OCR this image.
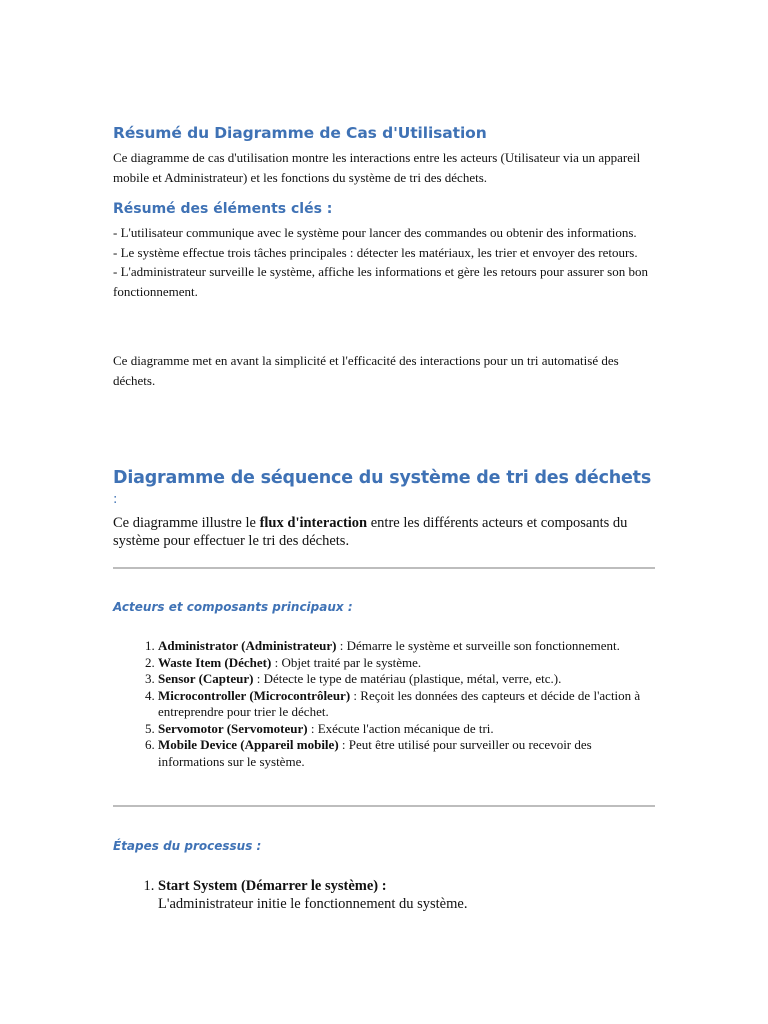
Résumé du Diagramme de Cas d'Utilisation

Ce diagramme de cas d'utilisation montre les interactions entre les acteurs (Utilisateur via un appareil mobile et Administrateur) et les fonctions du système de tri des déchets.

Résumé des éléments clés :

- L'utilisateur communique avec le système pour lancer des commandes ou obtenir des informations.

- Le système effectue trois tâches principales : détecter les matériaux, les trier et envoyer des retours.

- L'administrateur surveille le système, affiche les informations et gère les retours pour assurer son bon fonctionnement.

Ce diagramme met en avant la simplicité et l'efficacité des interactions pour un tri automatisé des déchets.

Diagramme de séquence du système de tri des déchets :

Ce diagramme illustre le flux d'interaction entre les différents acteurs et composants du système pour effectuer le tri des déchets.

Acteurs et composants principaux :
1. Administrator (Administrateur) : Démarre le système et surveille son fonctionnement.
2. Waste Item (Déchet) : Objet traité par le système.
3. Sensor (Capteur) : Détecte le type de matériau (plastique, métal, verre, etc.).
4. Microcontroller (Microcontrôleur) : Reçoit les données des capteurs et décide de l'action à entreprendre pour trier le déchet.
5. Servomotor (Servomoteur) : Exécute l'action mécanique de tri.
6. Mobile Device (Appareil mobile) : Peut être utilisé pour surveiller ou recevoir des informations sur le système.
Étapes du processus :
1. Start System (Démarrer le système) :
L'administrateur initie le fonctionnement du système.
